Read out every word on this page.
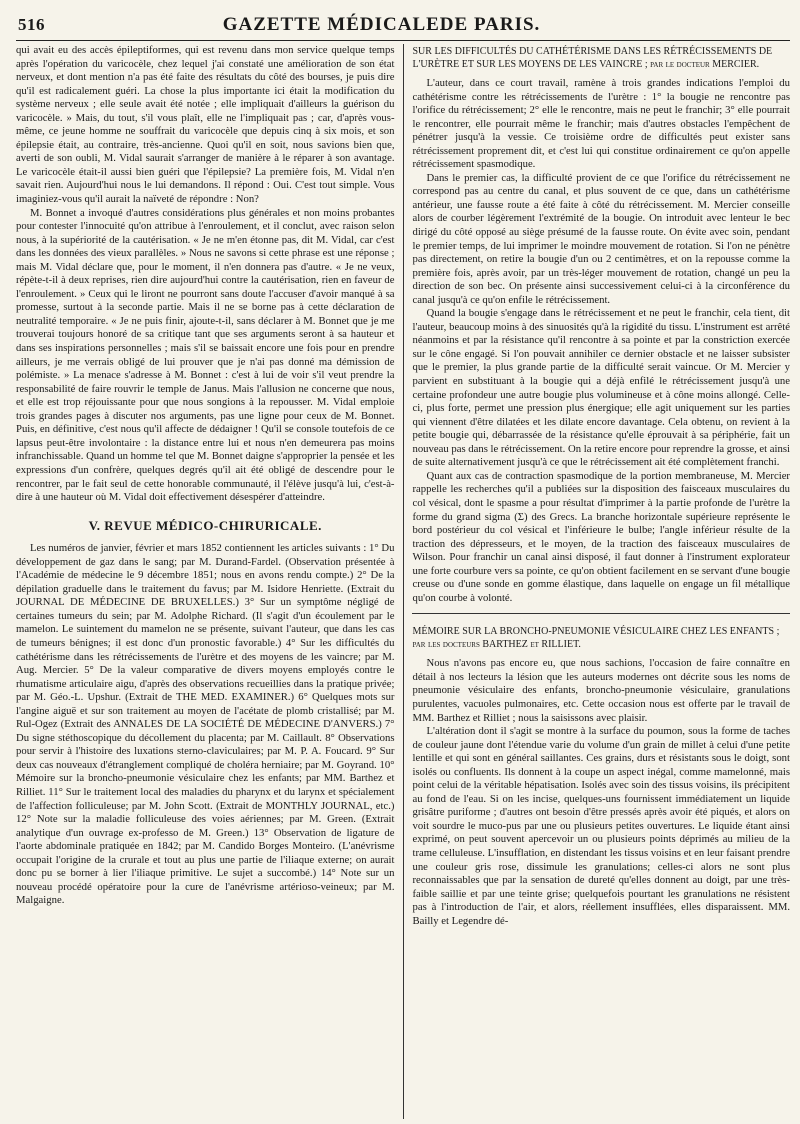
516	GAZETTE MÉDICALEDE PARIS.

qui avait eu des accès épileptiformes, qui est revenu dans mon service quelque temps après l'opération du varicocèle, chez lequel j'ai constaté une amélioration de son état nerveux, et dont mention n'a pas été faite des résultats du côté des bourses, je puis dire qu'il est radicalement guéri. La chose la plus importante ici était la modification du système nerveux ; elle seule avait été notée ; elle impliquait d'ailleurs la guérison du varicocèle. » Mais, du tout, s'il vous plaît, elle ne l'impliquait pas ; car, d'après vous-même, ce jeune homme ne souffrait du varicocèle que depuis cinq à six mois, et son épilepsie était, au contraire, très-ancienne. Quoi qu'il en soit, nous savions bien que, averti de son oubli, M. Vidal saurait s'arranger de manière à le réparer à son avantage. Le varicocèle était-il aussi bien guéri que l'épilepsie? La première fois, M. Vidal n'en savait rien. Aujourd'hui nous le lui demandons. Il répond : Oui. C'est tout simple. Vous imaginiez-vous qu'il aurait la naïveté de répondre : Non?

M. Bonnet a invoqué d'autres considérations plus générales et non moins probantes pour contester l'innocuité qu'on attribue à l'enroulement, et il conclut, avec raison selon nous, à la supériorité de la cautérisation. « Je ne m'en étonne pas, dit M. Vidal, car c'est dans les données des vieux parallèles. » Nous ne savons si cette phrase est une réponse ; mais M. Vidal déclare que, pour le moment, il n'en donnera pas d'autre. « Je ne veux, répète-t-il à deux reprises, rien dire aujourd'hui contre la cautérisation, rien en faveur de l'enroulement. » Ceux qui le liront ne pourront sans doute l'accuser d'avoir manqué à sa promesse, surtout à la seconde partie. Mais il ne se borne pas à cette déclaration de neutralité temporaire. « Je ne puis finir, ajoute-t-il, sans déclarer à M. Bonnet que je me trouverai toujours honoré de sa critique tant que ses arguments seront à sa hauteur et dans ses inspirations personnelles ; mais s'il se baissait encore une fois pour en prendre ailleurs, je me verrais obligé de lui prouver que je n'ai pas donné ma démission de polémiste. » La menace s'adresse à M. Bonnet : c'est à lui de voir s'il veut prendre la responsabilité de faire rouvrir le temple de Janus. Mais l'allusion ne concerne que nous, et elle est trop réjouissante pour que nous songions à la repousser. M. Vidal emploie trois grandes pages à discuter nos arguments, pas une ligne pour ceux de M. Bonnet. Puis, en définitive, c'est nous qu'il affecte de dédaigner ! Qu'il se console toutefois de ce lapsus peut-être involontaire : la distance entre lui et nous n'en demeurera pas moins infranchissable. Quand un homme tel que M. Bonnet daigne s'approprier la pensée et les expressions d'un confrère, quelques degrés qu'il ait été obligé de descendre pour le rencontrer, par le fait seul de cette honorable communauté, il l'élève jusqu'à lui, c'est-à-dire à une hauteur où M. Vidal doit effectivement désespérer d'atteindre.

V. REVUE MÉDICO-CHIRURICALE.

Les numéros de janvier, février et mars 1852 contiennent les articles suivants : 1° Du développement de gaz dans le sang; par M. Durand-Fardel. (Observation présentée à l'Académie de médecine le 9 décembre 1851; nous en avons rendu compte.) 2° De la dépilation graduelle dans le traitement du favus; par M. Isidore Henriette. (Extrait du JOURNAL DE MÉDECINE DE BRUXELLES.) 3° Sur un symptôme négligé de certaines tumeurs du sein; par M. Adolphe Richard. (Il s'agit d'un écoulement par le mamelon. Le suintement du mamelon ne se présente, suivant l'auteur, que dans les cas de tumeurs bénignes; il est donc d'un pronostic favorable.) 4° Sur les difficultés du cathétérisme dans les rétrécissements de l'urètre et des moyens de les vaincre; par M. Aug. Mercier. 5° De la valeur comparative de divers moyens employés contre le rhumatisme articulaire aigu, d'après des observations recueillies dans la pratique privée; par M. Géo.-L. Upshur. (Extrait de THE MED. EXAMINER.) 6° Quelques mots sur l'angine aiguë et sur son traitement au moyen de l'acétate de plomb cristallisé; par M. Rul-Ogez (Extrait des ANNALES DE LA SOCIÉTÉ DE MÉDECINE D'ANVERS.) 7° Du signe stéthoscopique du décollement du placenta; par M. Caillault. 8° Observations pour servir à l'histoire des luxations sterno-claviculaires; par M. P. A. Foucard. 9° Sur deux cas nouveaux d'étranglement compliqué de choléra herniaire; par M. Goyrand. 10° Mémoire sur la broncho-pneumonie vésiculaire chez les enfants; par MM. Barthez et Rilliet. 11° Sur le traitement local des maladies du pharynx et du larynx et spécialement de l'affection folliculeuse; par M. John Scott. (Extrait de MONTHLY JOURNAL, etc.) 12° Note sur la maladie folliculeuse des voies aériennes; par M. Green. (Extrait analytique d'un ouvrage ex-professo de M. Green.) 13° Observation de ligature de l'aorte abdominale pratiquée en 1842; par M. Candido Borges Monteiro. (L'anévrisme occupait l'origine de la crurale et tout au plus une partie de l'iliaque externe; on aurait donc pu se borner à lier l'iliaque primitive. Le sujet a succombé.) 14° Note sur un nouveau procédé opératoire pour la cure de l'anévrisme artérioso-veineux; par M. Malgaigne.

SUR LES DIFFICULTÉS DU CATHÉTÉRISME DANS LES RÉTRÉCISSEMENTS DE L'URÈTRE ET SUR LES MOYENS DE LES VAINCRE ; par le docteur MERCIER.

L'auteur, dans ce court travail, ramène à trois grandes indications l'emploi du cathétérisme contre les rétrécissements de l'urètre : 1° la bougie ne rencontre pas l'orifice du rétrécissement; 2° elle le rencontre, mais ne peut le franchir; 3° elle pourrait le rencontrer, elle pourrait même le franchir; mais d'autres obstacles l'empêchent de pénétrer jusqu'à la vessie. Ce troisième ordre de difficultés peut exister sans rétrécissement proprement dit, et c'est lui qui constitue ordinairement ce qu'on appelle rétrécissement spasmodique.

Dans le premier cas, la difficulté provient de ce que l'orifice du rétrécissement ne correspond pas au centre du canal, et plus souvent de ce que, dans un cathétérisme antérieur, une fausse route a été faite à côté du rétrécissement. M. Mercier conseille alors de courber légèrement l'extrémité de la bougie. On introduit avec lenteur le bec dirigé du côté opposé au siège présumé de la fausse route. On évite avec soin, pendant le premier temps, de lui imprimer le moindre mouvement de rotation. Si l'on ne pénètre pas directement, on retire la bougie d'un ou 2 centimètres, et on la repousse comme la première fois, après avoir, par un très-léger mouvement de rotation, changé un peu la direction de son bec. On présente ainsi successivement celui-ci à la circonférence du canal jusqu'à ce qu'on enfile le rétrécissement.

Quand la bougie s'engage dans le rétrécissement et ne peut le franchir, cela tient, dit l'auteur, beaucoup moins à des sinuosités qu'à la rigidité du tissu. L'instrument est arrêté néanmoins et par la résistance qu'il rencontre à sa pointe et par la constriction exercée sur le cône engagé. Si l'on pouvait annihiler ce dernier obstacle et ne laisser subsister que le premier, la plus grande partie de la difficulté serait vaincue. Or M. Mercier y parvient en substituant à la bougie qui a déjà enfilé le rétrécissement jusqu'à une certaine profondeur une autre bougie plus volumineuse et à cône moins allongé. Celle-ci, plus forte, permet une pression plus énergique; elle agit uniquement sur les parties qui viennent d'être dilatées et les dilate encore davantage. Cela obtenu, on revient à la petite bougie qui, débarrassée de la résistance qu'elle éprouvait à sa périphérie, fait un nouveau pas dans le rétrécissement. On la retire encore pour reprendre la grosse, et ainsi de suite alternativement jusqu'à ce que le rétrécissement ait été complètement franchi.

Quant aux cas de contraction spasmodique de la portion membraneuse, M. Mercier rappelle les recherches qu'il a publiées sur la disposition des faisceaux musculaires du col vésical, dont le spasme a pour résultat d'imprimer à la partie profonde de l'urètre la forme du grand sigma (Σ) des Grecs. La branche horizontale supérieure représente le bord postérieur du col vésical et l'inférieure le bulbe; l'angle inférieur résulte de la traction des dépresseurs, et le moyen, de la traction des faisceaux musculaires de Wilson. Pour franchir un canal ainsi disposé, il faut donner à l'instrument explorateur une forte courbure vers sa pointe, ce qu'on obtient facilement en se servant d'une bougie creuse ou d'une sonde en gomme élastique, dans laquelle on engage un fil métallique qu'on courbe à volonté.

MÉMOIRE SUR LA BRONCHO-PNEUMONIE VÉSICULAIRE CHEZ LES ENFANTS ; par les docteurs BARTHEZ et RILLIET.

Nous n'avons pas encore eu, que nous sachions, l'occasion de faire connaître en détail à nos lecteurs la lésion que les auteurs modernes ont décrite sous les noms de pneumonie vésiculaire des enfants, broncho-pneumonie vésiculaire, granulations purulentes, vacuoles pulmonaires, etc. Cette occasion nous est offerte par le travail de MM. Barthez et Rilliet ; nous la saisissons avec plaisir.

L'altération dont il s'agit se montre à la surface du poumon, sous la forme de taches de couleur jaune dont l'étendue varie du volume d'un grain de millet à celui d'une petite lentille et qui sont en général saillantes. Ces grains, durs et résistants sous le doigt, sont isolés ou confluents. Ils donnent à la coupe un aspect inégal, comme mamelonné, mais point celui de la véritable hépatisation. Isolés avec soin des tissus voisins, ils précipitent au fond de l'eau. Si on les incise, quelques-uns fournissent immédiatement un liquide grisâtre puriforme ; d'autres ont besoin d'être pressés après avoir été piqués, et alors on voit sourdre le muco-pus par une ou plusieurs petites ouvertures. Le liquide étant ainsi exprimé, on peut souvent apercevoir un ou plusieurs points déprimés au milieu de la trame celluleuse. L'insufflation, en distendant les tissus voisins et en leur faisant prendre une couleur gris rose, dissimule les granulations; celles-ci alors ne sont plus reconnaissables que par la sensation de dureté qu'elles donnent au doigt, par une très-faible saillie et par une teinte grise; quelquefois pourtant les granulations ne résistent pas à l'introduction de l'air, et alors, réellement insufflées, elles disparaissent. MM. Bailly et Legendre dé-
